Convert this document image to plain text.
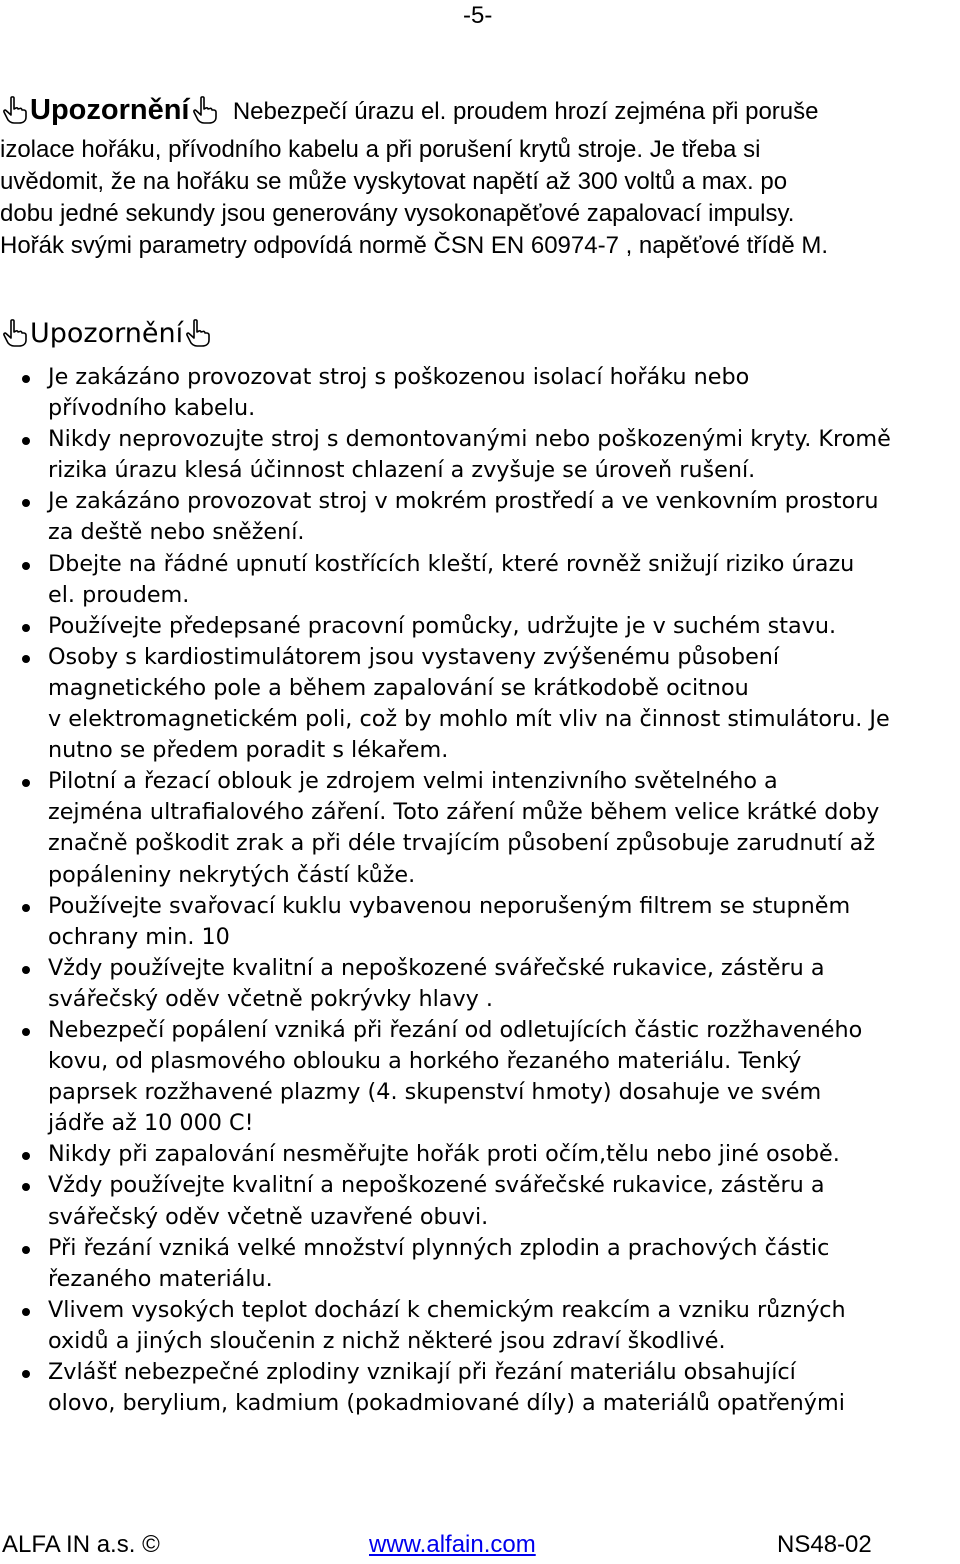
-5-

Upozornění Nebezpečí úrazu el. proudem hrozí zejména při poruše

izolace hořáku, přívodního kabelu a při porušení krytů stroje. Je třeba si

uvědomit, že na hořáku se může vyskytovat napětí až 300 voltů a max. po

dobu jedné sekundy jsou generovány vysokonapěťové zapalovací impulsy.

Hořák svými parametry odpovídá normě ČSN EN 60974-7 , napěťové třídě M.

Upozornění
Je zakázáno provozovat stroj s poškozenou isolací hořáku nebo
přívodního kabelu.
Nikdy neprovozujte stroj s demontovanými nebo poškozenými kryty. Kromě
rizika úrazu klesá účinnost chlazení a zvyšuje se úroveň rušení.
Je zakázáno provozovat stroj v mokrém prostředí a ve venkovním prostoru
za deště nebo sněžení.
Dbejte na řádné upnutí kostřících kleští, které rovněž snižují riziko úrazu
el. proudem.
Používejte předepsané pracovní pomůcky, udržujte je v suchém stavu.
Osoby s kardiostimulátorem jsou vystaveny zvýšenému působení
magnetického pole a během zapalování se krátkodobě ocitnou
v elektromagnetickém poli, což by mohlo mít vliv na činnost stimulátoru. Je
nutno se předem poradit s lékařem.
Pilotní a řezací oblouk je zdrojem velmi intenzivního světelného a
zejména ultrafialového záření. Toto záření může během velice krátké doby
značně poškodit zrak a při déle trvajícím působení způsobuje zarudnutí až
popáleniny nekrytých částí kůže.
Používejte svařovací kuklu vybavenou neporušeným filtrem se stupněm
ochrany min. 10
Vždy používejte kvalitní a nepoškozené svářečské rukavice, zástěru a
svářečský oděv včetně pokrývky hlavy .
Nebezpečí popálení vzniká při řezání od odletujících částic rozžhaveného
kovu, od plasmového oblouku a horkého řezaného materiálu. Tenký
paprsek rozžhavené plazmy (4. skupenství hmoty) dosahuje ve svém
jádře až 10 000 C!
Nikdy při zapalování nesměřujte hořák proti očím,tělu nebo jiné osobě.
Vždy používejte kvalitní a nepoškozené svářečské rukavice, zástěru a
svářečský oděv včetně uzavřené obuvi.
Při řezání vzniká velké množství plynných zplodin a prachových částic
řezaného materiálu.
Vlivem vysokých teplot dochází k chemickým reakcím a vzniku různých
oxidů a jiných sloučenin z nichž některé jsou zdraví škodlivé.
Zvlášť nebezpečné zplodiny vznikají při řezání materiálu obsahující
olovo, berylium, kadmium (pokadmiované díly) a materiálů opatřenými
ALFA IN a.s. ©	www.alfain.com	NS48-02
